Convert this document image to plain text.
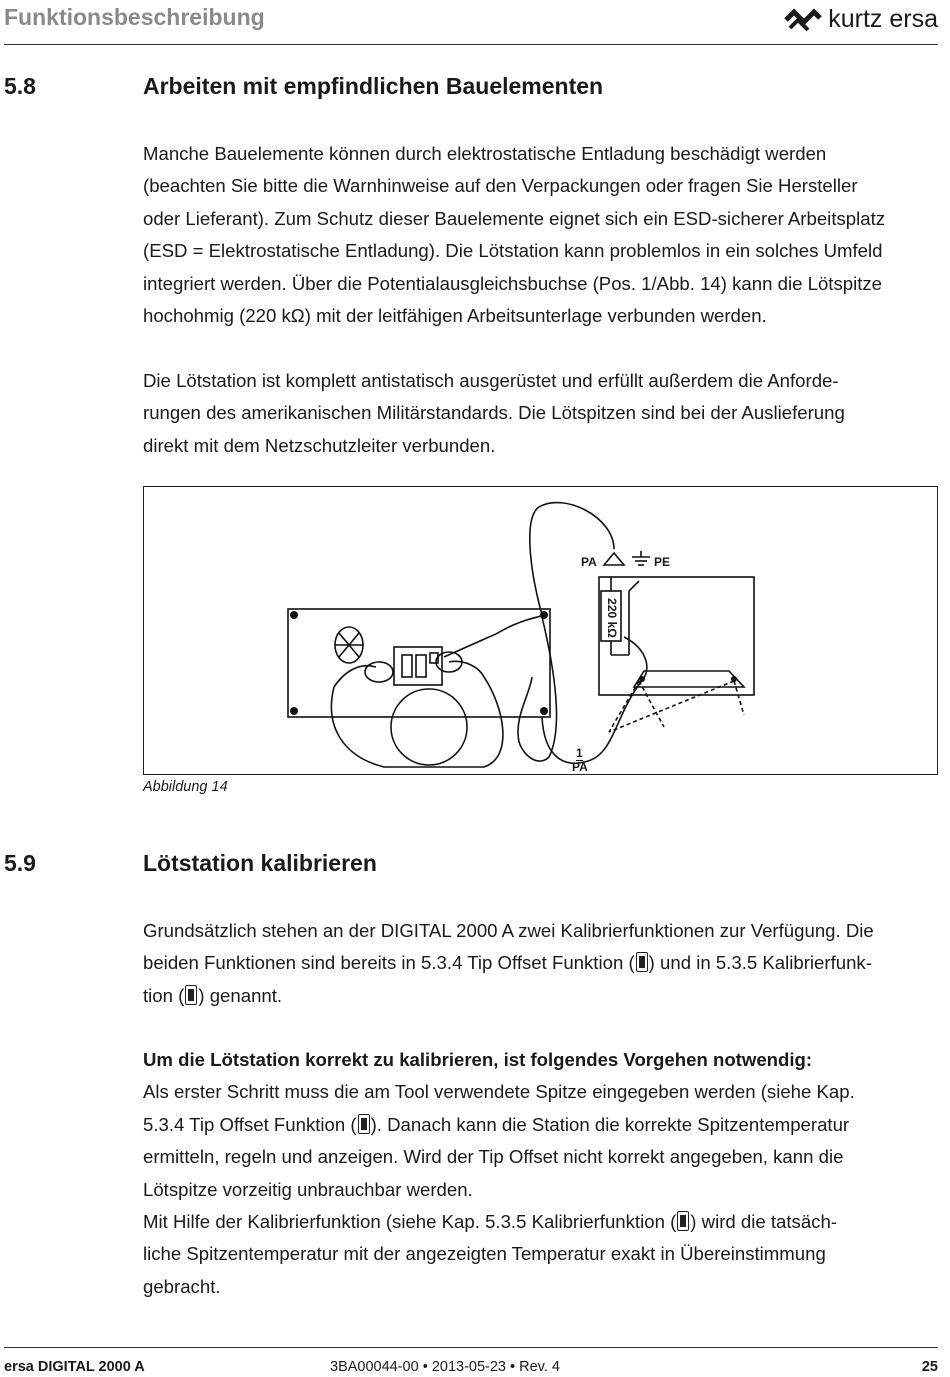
Funktionsbeschreibung	kurtz ersa
5.8	Arbeiten mit empfindlichen Bauelementen

Manche Bauelemente können durch elektrostatische Entladung beschädigt werden
(beachten Sie bitte die Warnhinweise auf den Verpackungen oder fragen Sie Hersteller
oder Lieferant). Zum Schutz dieser Bauelemente eignet sich ein ESD-sicherer Arbeitsplatz
(ESD = Elektrostatische Entladung). Die Lötstation kann problemlos in ein solches Umfeld
integriert werden. Über die Potentialausgleichsbuchse (Pos. 1/Abb. 14) kann die Lötspitze
hochohmig (220 kΩ) mit der leitfähigen Arbeitsunterlage verbunden werden.

Die Lötstation ist komplett antistatisch ausgerüstet und erfüllt außerdem die Anforde-
rungen des amerikanischen Militärstandards. Die Lötspitzen sind bei der Auslieferung
direkt mit dem Netzschutzleiter verbunden.

PA	PE
220 kΩ
1
PA
Abbildung 14
5.9	Lötstation kalibrieren

Grundsätzlich stehen an der DIGITAL 2000 A zwei Kalibrierfunktionen zur Verfügung. Die
beiden Funktionen sind bereits in 5.3.4 Tip Offset Funktion ( ) und in 5.3.5 Kalibrierfunk-
tion ( ) genannt.

Um die Lötstation korrekt zu kalibrieren, ist folgendes Vorgehen notwendig:
Als erster Schritt muss die am Tool verwendete Spitze eingegeben werden (siehe Kap.
5.3.4 Tip Offset Funktion ( ). Danach kann die Station die korrekte Spitzentemperatur
ermitteln, regeln und anzeigen. Wird der Tip Offset nicht korrekt angegeben, kann die
Lötspitze vorzeitig unbrauchbar werden.
Mit Hilfe der Kalibrierfunktion (siehe Kap. 5.3.5 Kalibrierfunktion ( ) wird die tatsäch-
liche Spitzentemperatur mit der angezeigten Temperatur exakt in Übereinstimmung
gebracht.

ersa DIGITAL 2000 A	3BA00044-00 • 2013-05-23 • Rev. 4	25
